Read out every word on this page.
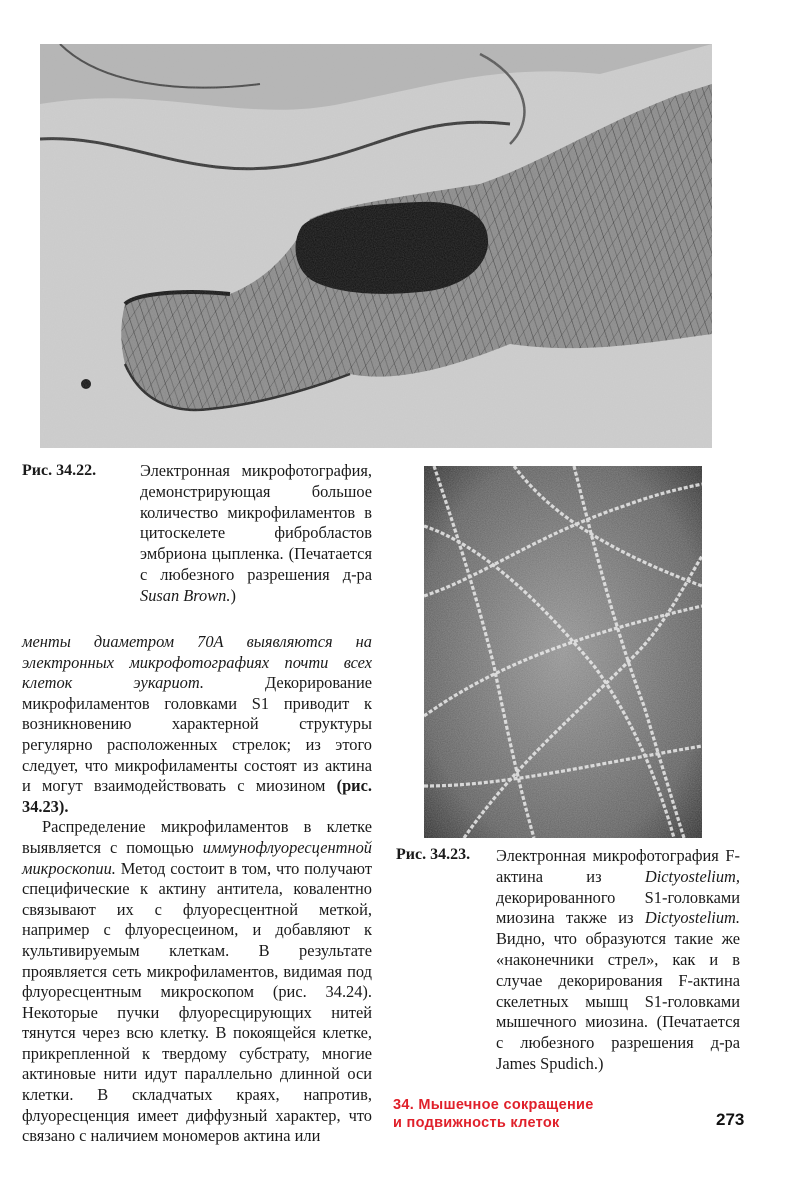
Рис. 34.22.	Электронная микрофотография, демонстрирующая большое количество микрофиламентов в цитоскелете фибробластов эмбриона цыпленка. (Печатается с любезного разрешения д-ра Susan Brown.)

менты диаметром 70А выявляются на электронных микрофотографиях почти всех клеток эукариот. Декорирование микрофиламентов головками S1 приводит к возникновению характерной структуры регулярно расположенных стрелок; из этого следует, что микрофиламенты состоят из актина и могут взаимодействовать с миозином (рис. 34.23).

Распределение микрофиламентов в клетке выявляется с помощью иммунофлуоресцентной микроскопии. Метод состоит в том, что получают специфические к актину антитела, ковалентно связывают их с флуоресцентной меткой, например с флуоресцеином, и добавляют к культивируемым клеткам. В результате проявляется сеть микрофиламентов, видимая под флуоресцентным микроскопом (рис. 34.24). Некоторые пучки флуоресцирующих нитей тянутся через всю клетку. В покоящейся клетке, прикрепленной к твердому субстрату, многие актиновые нити идут параллельно длинной оси клетки. В складчатых краях, напротив, флуоресценция имеет диффузный характер, что связано с наличием мономеров актина или

Рис. 34.23.	Электронная микрофотография F-актина из Dictyostelium, декорированного S1-головками миозина также из Dictyostelium. Видно, что образуются такие же «наконечники стрел», как и в случае декорирования F-актина скелетных мышц S1-головками мышечного миозина. (Печатается с любезного разрешения д-ра James Spudich.)
34. Мышечное сокращение
и подвижность клеток	273
